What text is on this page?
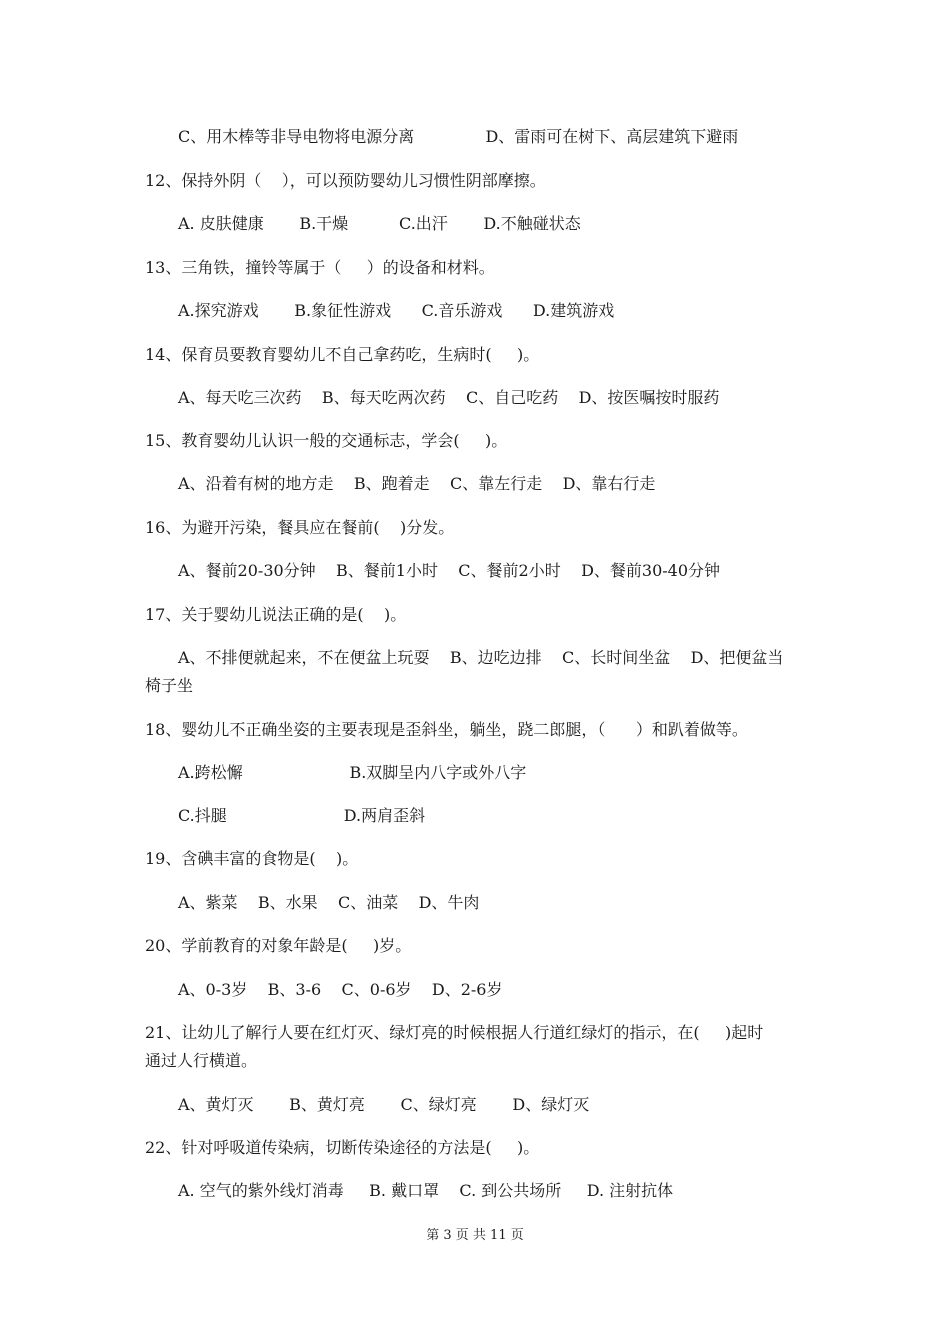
C、用木棒等非导电物将电源分离              D、雷雨可在树下、高层建筑下避雨
12、保持外阴（    ），可以预防婴幼儿习惯性阴部摩擦。
A. 皮肤健康       B.干燥          C.出汗       D.不触碰状态
13、三角铁，撞铃等属于（     ）的设备和材料。
A.探究游戏       B.象征性游戏      C.音乐游戏      D.建筑游戏
14、保育员要教育婴幼儿不自己拿药吃，生病时(     )。
A、每天吃三次药    B、每天吃两次药    C、自己吃药    D、按医嘱按时服药
15、教育婴幼儿认识一般的交通标志，学会(     )。
A、沿着有树的地方走    B、跑着走    C、靠左行走    D、靠右行走
16、为避开污染，餐具应在餐前(    )分发。
A、餐前20-30分钟    B、餐前1小时    C、餐前2小时    D、餐前30-40分钟
17、关于婴幼儿说法正确的是(    )。
A、不排便就起来，不在便盆上玩耍    B、边吃边排    C、长时间坐盆    D、把便盆当
椅子坐
18、婴幼儿不正确坐姿的主要表现是歪斜坐，躺坐，跷二郎腿，（      ）和趴着做等。
A.跨松懈                     B.双脚呈内八字或外八字
C.抖腿                       D.两肩歪斜
19、含碘丰富的食物是(    )。
A、紫菜    B、水果    C、油菜    D、牛肉
20、学前教育的对象年龄是(     )岁。
A、0-3岁    B、3-6    C、0-6岁    D、2-6岁
21、让幼儿了解行人要在红灯灭、绿灯亮的时候根据人行道红绿灯的指示，在(     )起时
通过人行横道。
A、黄灯灭       B、黄灯亮       C、绿灯亮       D、绿灯灭
22、针对呼吸道传染病，切断传染途径的方法是(     )。
A. 空气的紫外线灯消毒     B. 戴口罩    C. 到公共场所     D. 注射抗体
第 3 页 共 11 页
